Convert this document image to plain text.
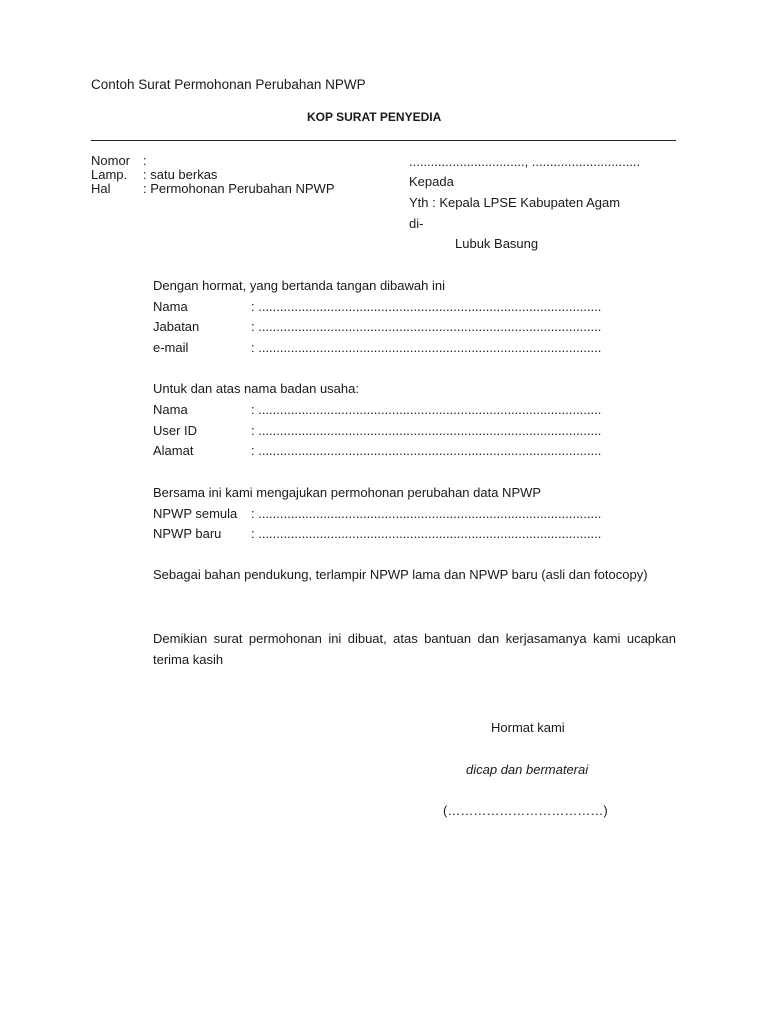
Contoh Surat Permohonan Perubahan NPWP
KOP SURAT PENYEDIA
Nomor :
Lamp. : satu berkas
Hal : Permohonan Perubahan NPWP
................................, ..............................
Kepada
Yth : Kepala LPSE Kabupaten Agam
di-
Lubuk Basung
Dengan hormat, yang bertanda tangan dibawah ini
Nama	: ...............................................................................................
Jabatan	: ...............................................................................................
e-mail	: ...............................................................................................
Untuk dan atas nama badan usaha:
Nama	: ...............................................................................................
User ID	: ...............................................................................................
Alamat	: ...............................................................................................
Bersama ini kami mengajukan permohonan perubahan data NPWP
NPWP semula : ...............................................................................................
NPWP baru : ...............................................................................................
Sebagai bahan pendukung, terlampir NPWP lama dan NPWP baru (asli dan fotocopy)
Demikian surat permohonan ini dibuat, atas bantuan dan kerjasamanya kami ucapkan terima kasih
Hormat kami
dicap dan bermaterai
(………………………………)
